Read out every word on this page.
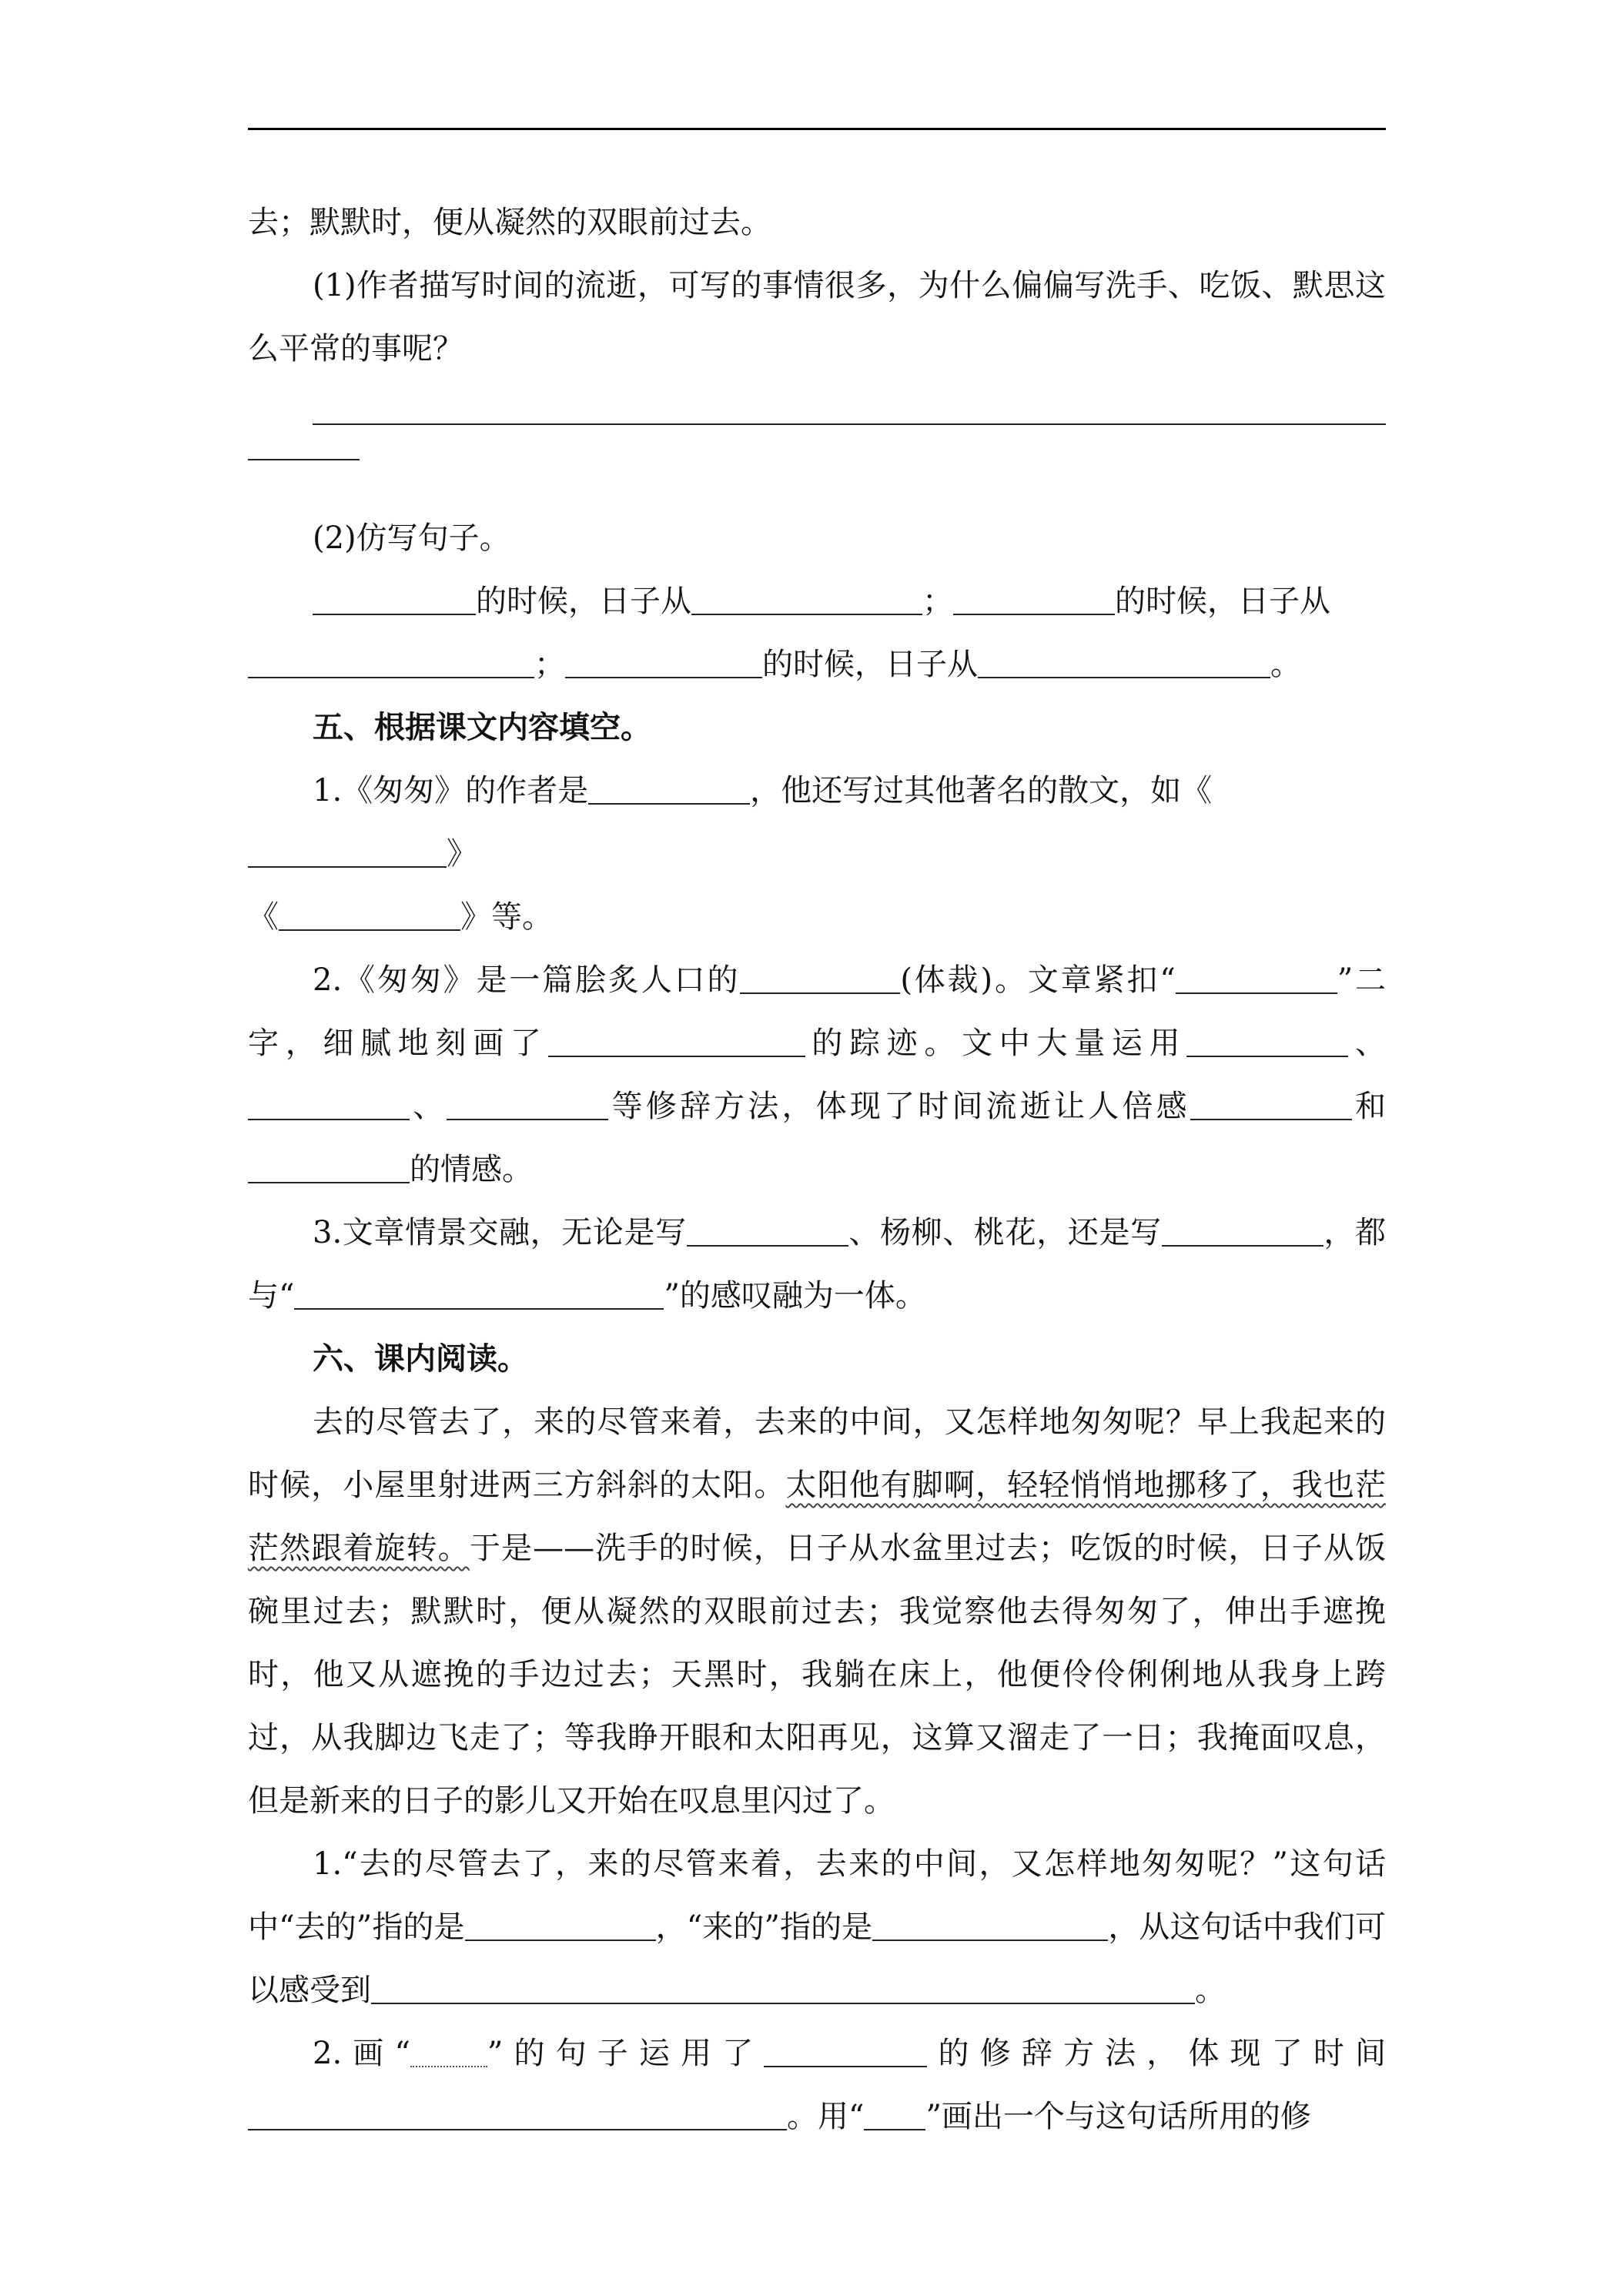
去；默默时，便从凝然的双眼前过去。

(1)作者描写时间的流逝，可写的事情很多，为什么偏偏写洗手、吃饭、默思这么平常的事呢？

(2)仿写句子。

的时候，日子从	；	的时候，日子从

；	的时候，日子从	。

五、根据课文内容填空。

1.《匆匆》的作者是	，他还写过其他著名的散文，如《》

《	》等。

2.《匆匆》是一篇脍炙人口的	(体裁)。文章紧扣“	”二字，细腻地刻画了	的踪迹。文中大量运用	、、	等修辞方法，体现了时间流逝让人倍感	和的情感。

3.文章情景交融，无论是写	、杨柳、桃花，还是写	，都与“	”的感叹融为一体。

六、课内阅读。

去的尽管去了，来的尽管来着，去来的中间，又怎样地匆匆呢？早上我起来的时候，小屋里射进两三方斜斜的太阳。太阳他有脚啊，轻轻悄悄地挪移了，我也茫茫然跟着旋转。于是——洗手的时候，日子从水盆里过去；吃饭的时候，日子从饭碗里过去；默默时，便从凝然的双眼前过去；我觉察他去得匆匆了，伸出手遮挽时，他又从遮挽的手边过去；天黑时，我躺在床上，他便伶伶俐俐地从我身上跨过，从我脚边飞走了；等我睁开眼和太阳再见，这算又溜走了一日；我掩面叹息，但是新来的日子的影儿又开始在叹息里闪过了。

1.“去的尽管去了，来的尽管来着，去来的中间，又怎样地匆匆呢？”这句话中“去的”指的是	，“来的”指的是	，从这句话中我们可以感受到	。

2.画“	”的句子运用了	的修辞方法，体现了时间。用“ ”画出一个与这句话所用的修
